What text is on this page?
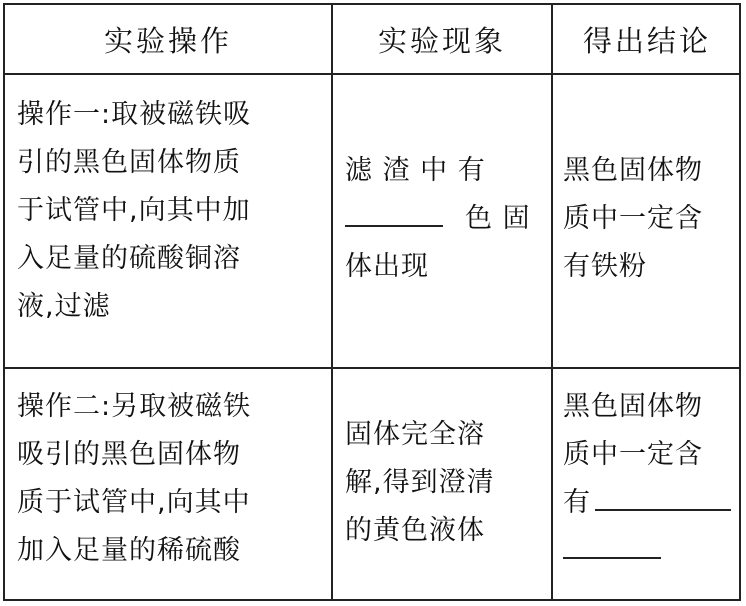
实验操作	实验现象	得出结论
操作一:取被磁铁吸
引的黑色固体物质
于试管中,向其中加
入足量的硫酸铜溶
液,过滤
滤 渣 中 有
色 固
体出现
黑色固体物
质中一定含
有铁粉
操作二:另取被磁铁
吸引的黑色固体物
质于试管中,向其中
加入足量的稀硫酸
固体完全溶
解,得到澄清
的黄色液体
黑色固体物
质中一定含
有
